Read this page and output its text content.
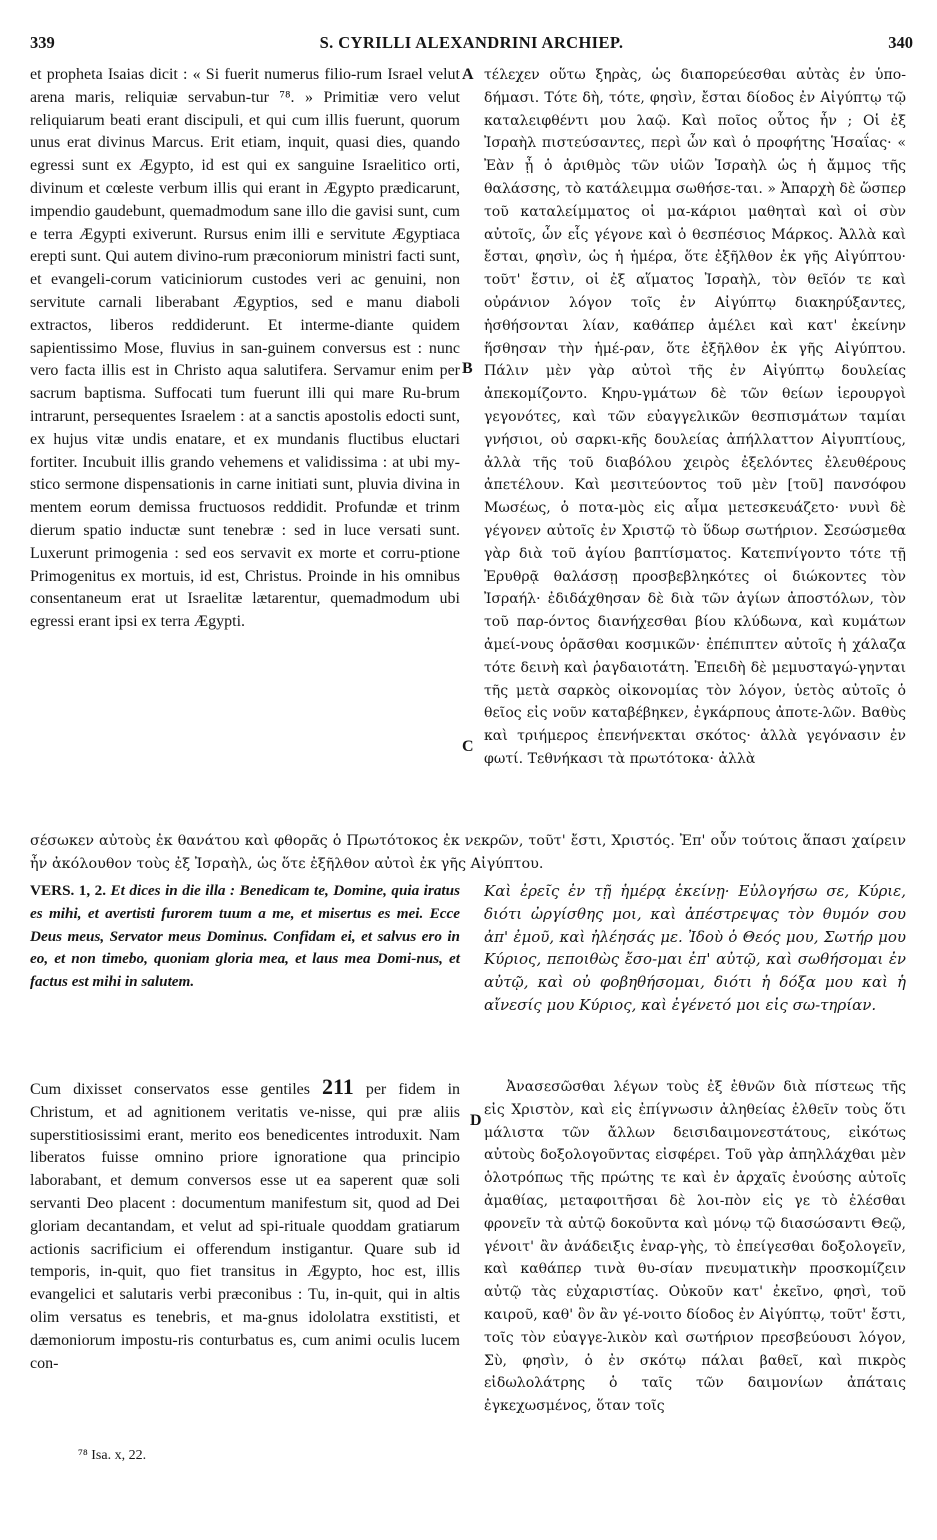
339	S. CYRILLI ALEXANDRINI ARCHIEP.	340
A
B
C
D

et propheta Isaias dicit : « Si fuerit numerus filio-rum Israel velut arena maris, reliquiæ servabun-tur ⁷⁸. » Primitiæ vero velut reliquiarum beati erant discipuli, et qui cum illis fuerunt, quorum unus erat divinus Marcus. Erit etiam, inquit, quasi dies, quando egressi sunt ex Ægypto, id est qui ex sanguine Israelitico orti, divinum et cœleste verbum illis qui erant in Ægypto prædicarunt, impendio gaudebunt, quemadmodum sane illo die gavisi sunt, cum e terra Ægypti exiverunt. Rursus enim illi e servitute Ægyptiaca erepti sunt. Qui autem divino-rum præconiorum ministri facti sunt, et evangeli-corum vaticiniorum custodes veri ac genuini, non servitute carnali liberabant Ægyptios, sed e manu diaboli extractos, liberos reddiderunt. Et interme-diante quidem sapientissimo Mose, fluvius in san-guinem conversus est : nunc vero facta illis est in Christo aqua salutifera. Servamur enim per sacrum baptisma. Suffocati tum fuerunt illi qui mare Ru-brum intrarunt, persequentes Israelem : at a sanctis apostolis edocti sunt, ex hujus vitæ undis enatare, et ex mundanis fluctibus eluctari fortiter. Incubuit illis grando vehemens et validissima : at ubi my-stico sermone dispensationis in carne initiati sunt, pluvia divina in mentem eorum demissa fructuosos reddidit. Profundæ et trinm dierum spatio inductæ sunt tenebræ : sed in luce versati sunt. Luxerunt primogenia : sed eos servavit ex morte et corru-ptione Primogenitus ex mortuis, id est, Christus. Proinde in his omnibus consentaneum erat ut Israelitæ lætarentur, quemadmodum ubi egressi erant ipsi ex terra Ægypti.

τέλεχεν οὕτω ξηρὰς, ὡς διαπορεύεσθαι αὐτὰς ἐν ὑπο-δήμασι. Τότε δὴ, τότε, φησὶν, ἔσται δίοδος ἐν Αἰγύπτῳ τῷ καταλειφθέντι μου λαῷ. Καὶ ποῖος οὗτος ἦν ; Οἱ ἐξ Ἰσραὴλ πιστεύσαντες, περὶ ὧν καὶ ὁ προφήτης Ἡσαΐας· « Ἐὰν ᾖ ὁ ἀριθμὸς τῶν υἱῶν Ἰσραὴλ ὡς ἡ ἄμμος τῆς θαλάσσης, τὸ κατάλειμμα σωθήσε-ται. » Ἀπαρχὴ δὲ ὥσπερ τοῦ καταλείμματος οἱ μα-κάριοι μαθηταὶ καὶ οἱ σὺν αὐτοῖς, ὧν εἷς γέγονε καὶ ὁ θεσπέσιος Μάρκος. Ἀλλὰ καὶ ἔσται, φησὶν, ὡς ἡ ἡμέρα, ὅτε ἐξῆλθον ἐκ γῆς Αἰγύπτου· τοῦτ' ἔστιν, οἱ ἐξ αἵματος Ἰσραὴλ, τὸν θεῖόν τε καὶ οὐράνιον λόγον τοῖς ἐν Αἰγύπτῳ διακηρύξαντες, ἡσθήσονται λίαν, καθάπερ ἀμέλει καὶ κατ' ἐκείνην ἥσθησαν τὴν ἡμέ-ραν, ὅτε ἐξῆλθον ἐκ γῆς Αἰγύπτου. Πάλιν μὲν γὰρ αὐτοὶ τῆς ἐν Αἰγύπτῳ δουλείας ἀπεκομίζοντο. Κηρυ-γμάτων δὲ τῶν θείων ἱερουργοὶ γεγονότες, καὶ τῶν εὐαγγελικῶν θεσπισμάτων ταμίαι γνήσιοι, οὐ σαρκι-κῆς δουλείας ἀπήλλαττον Αἰγυπτίους, ἀλλὰ τῆς τοῦ διαβόλου χειρὸς ἐξελόντες ἐλευθέρους ἀπετέλουν. Καὶ μεσιτεύοντος τοῦ μὲν [τοῦ] πανσόφου Μωσέως, ὁ ποτα-μὸς εἰς αἷμα μετεσκευάζετο· νυνὶ δὲ γέγονεν αὐτοῖς ἐν Χριστῷ τὸ ὕδωρ σωτήριον. Σεσώσμεθα γὰρ διὰ τοῦ ἁγίου βαπτίσματος. Κατεπνίγοντο τότε τῇ Ἐρυθρᾷ θαλάσσῃ προσβεβληκότες οἱ διώκοντες τὸν Ἰσραήλ· ἐδιδάχθησαν δὲ διὰ τῶν ἁγίων ἀποστόλων, τὸν τοῦ παρ-όντος διανήχεσθαι βίου κλύδωνα, καὶ κυμάτων ἀμεί-νους ὁρᾶσθαι κοσμικῶν· ἐπέπιπτεν αὐτοῖς ἡ χάλαζα τότε δεινὴ καὶ ῥαγδαιοτάτη. Ἐπειδὴ δὲ μεμυσταγώ-γηνται τῆς μετὰ σαρκὸς οἰκονομίας τὸν λόγον, ὑετὸς αὐτοῖς ὁ θεῖος εἰς νοῦν καταβέβηκεν, ἐγκάρπους ἀποτε-λῶν. Βαθὺς καὶ τριήμερος ἐπενήνεκται σκότος· ἀλλὰ γεγόνασιν ἐν φωτί. Τεθνήκασι τὰ πρωτότοκα· ἀλλὰ

σέσωκεν αὐτοὺς ἐκ θανάτου καὶ φθορᾶς ὁ Πρωτότοκος ἐκ νεκρῶν, τοῦτ' ἔστι, Χριστός. Ἐπ' οὖν τούτοις ἅπασι χαίρειν ἦν ἀκόλουθον τοὺς ἐξ Ἰσραὴλ, ὡς ὅτε ἐξῆλθον αὐτοὶ ἐκ γῆς Αἰγύπτου.

VERS. 1, 2. Et dices in die illa : Benedicam te, Domine, quia iratus es mihi, et avertisti furorem tuum a me, et misertus es mei. Ecce Deus meus, Servator meus Dominus. Confidam ei, et salvus ero in eo, et non timebo, quoniam gloria mea, et laus mea Domi-nus, et factus est mihi in salutem.

Καὶ ἐρεῖς ἐν τῇ ἡμέρᾳ ἐκείνῃ· Εὐλογήσω σε, Κύριε, διότι ὠργίσθης μοι, καὶ ἀπέστρεψας τὸν θυμόν σου ἀπ' ἐμοῦ, καὶ ἠλέησάς με. Ἰδοὺ ὁ Θεός μου, Σωτήρ μου Κύριος, πεποιθὼς ἔσο-μαι ἐπ' αὐτῷ, καὶ σωθήσομαι ἐν αὐτῷ, καὶ οὐ φοβηθήσομαι, διότι ἡ δόξα μου καὶ ἡ αἴνεσίς μου Κύριος, καὶ ἐγένετό μοι εἰς σω-τηρίαν.

Cum dixisset conservatos esse gentiles 211 per fidem in Christum, et ad agnitionem veritatis ve-nisse, qui præ aliis superstitiosissimi erant, merito eos benedicentes introduxit. Nam liberatos fuisse omnino priore ignoratione qua principio laborabant, et demum conversos esse ut ea saperent quæ soli servanti Deo placent : documentum manifestum sit, quod ad Dei gloriam decantandam, et velut ad spi-rituale quoddam gratiarum actionis sacrificium ei offerendum instigantur. Quare sub id temporis, in-quit, quo fiet transitus in Ægypto, hoc est, illis evangelici et salutaris verbi præconibus : Tu, in-quit, qui in altis olim versatus es tenebris, et ma-gnus idololatra exstitisti, et dæmoniorum impostu-ris conturbatus es, cum animi oculis lucem con-

Ἀνασεσῶσθαι λέγων τοὺς ἐξ ἐθνῶν διὰ πίστεως τῆς εἰς Χριστὸν, καὶ εἰς ἐπίγνωσιν ἀληθείας ἐλθεῖν τοὺς ὅτι μάλιστα τῶν ἄλλων δεισιδαιμονεστάτους, εἰκότως αὐτοὺς δοξολογοῦντας εἰσφέρει. Τοῦ γὰρ ἀπηλλάχθαι μὲν ὁλοτρόπως τῆς πρώτης τε καὶ ἐν ἀρχαῖς ἐνούσης αὐτοῖς ἀμαθίας, μεταφοιτῆσαι δὲ λοι-πὸν εἰς γε τὸ ἐλέσθαι φρονεῖν τὰ αὐτῷ δοκοῦντα καὶ μόνῳ τῷ διασώσαντι Θεῷ, γένοιτ' ἂν ἀνάδειξις ἐναρ-γὴς, τὸ ἐπείγεσθαι δοξολογεῖν, καὶ καθάπερ τινὰ θυ-σίαν πνευματικὴν προσκομίζειν αὐτῷ τὰς εὐχαριστίας. Οὐκοῦν κατ' ἐκεῖνο, φησὶ, τοῦ καιροῦ, καθ' ὃν ἂν γέ-νοιτο δίοδος ἐν Αἰγύπτῳ, τοῦτ' ἔστι, τοῖς τὸν εὐαγγε-λικὸν καὶ σωτήριον πρεσβεύουσι λόγον, Σὺ, φησὶν, ὁ ἐν σκότῳ πάλαι βαθεῖ, καὶ πικρὸς εἰδωλολάτρης ὁ ταῖς τῶν δαιμονίων ἀπάταις ἐγκεχωσμένος, ὅταν τοῖς

⁷⁸ Isa. x, 22.
